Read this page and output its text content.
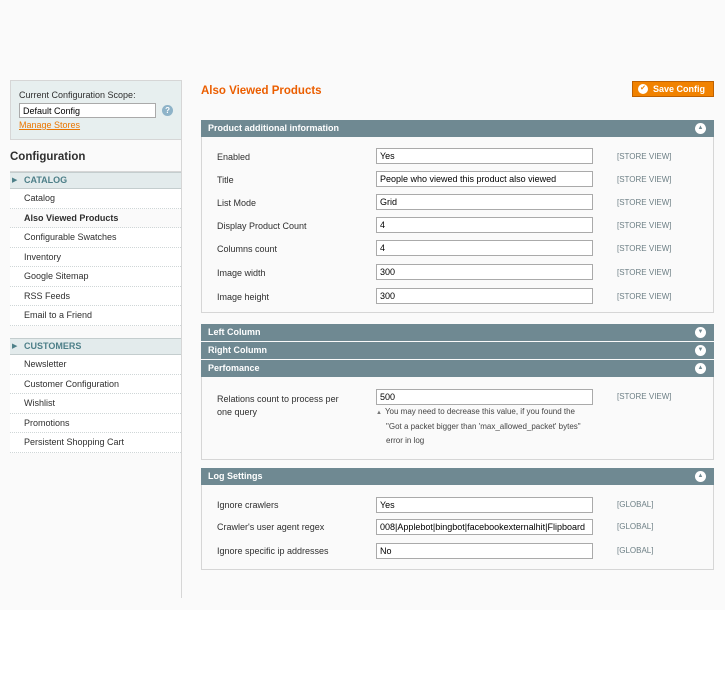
Current Configuration Scope:
Default Config	?
Manage Stores
Configuration
▶ CATALOG
Catalog
Also Viewed Products
Configurable Swatches
Inventory
Google Sitemap
RSS Feeds
Email to a Friend
▶ CUSTOMERS
Newsletter
Customer Configuration
Wishlist
Promotions
Persistent Shopping Cart
Also Viewed Products	✔ Save Config
Product additional information	▲
Enabled	Yes	[STORE VIEW]
Title	People who viewed this product also viewed	[STORE VIEW]
List Mode	Grid	[STORE VIEW]
Display Product Count	4	[STORE VIEW]
Columns count	4	[STORE VIEW]
Image width	300	[STORE VIEW]
Image height	300	[STORE VIEW]
Left Column	▼
Right Column	▼
Perfomance	▲
Relations count to process per
one query
500	[STORE VIEW]
▲ You may need to decrease this value, if you found the
"Got a packet bigger than 'max_allowed_packet' bytes"
error in log
Log Settings	▲
Ignore crawlers	Yes	[GLOBAL]
Crawler's user agent regex	008|Applebot|bingbot|facebookexternalhit|Flipboard	[GLOBAL]
Ignore specific ip addresses	No	[GLOBAL]
